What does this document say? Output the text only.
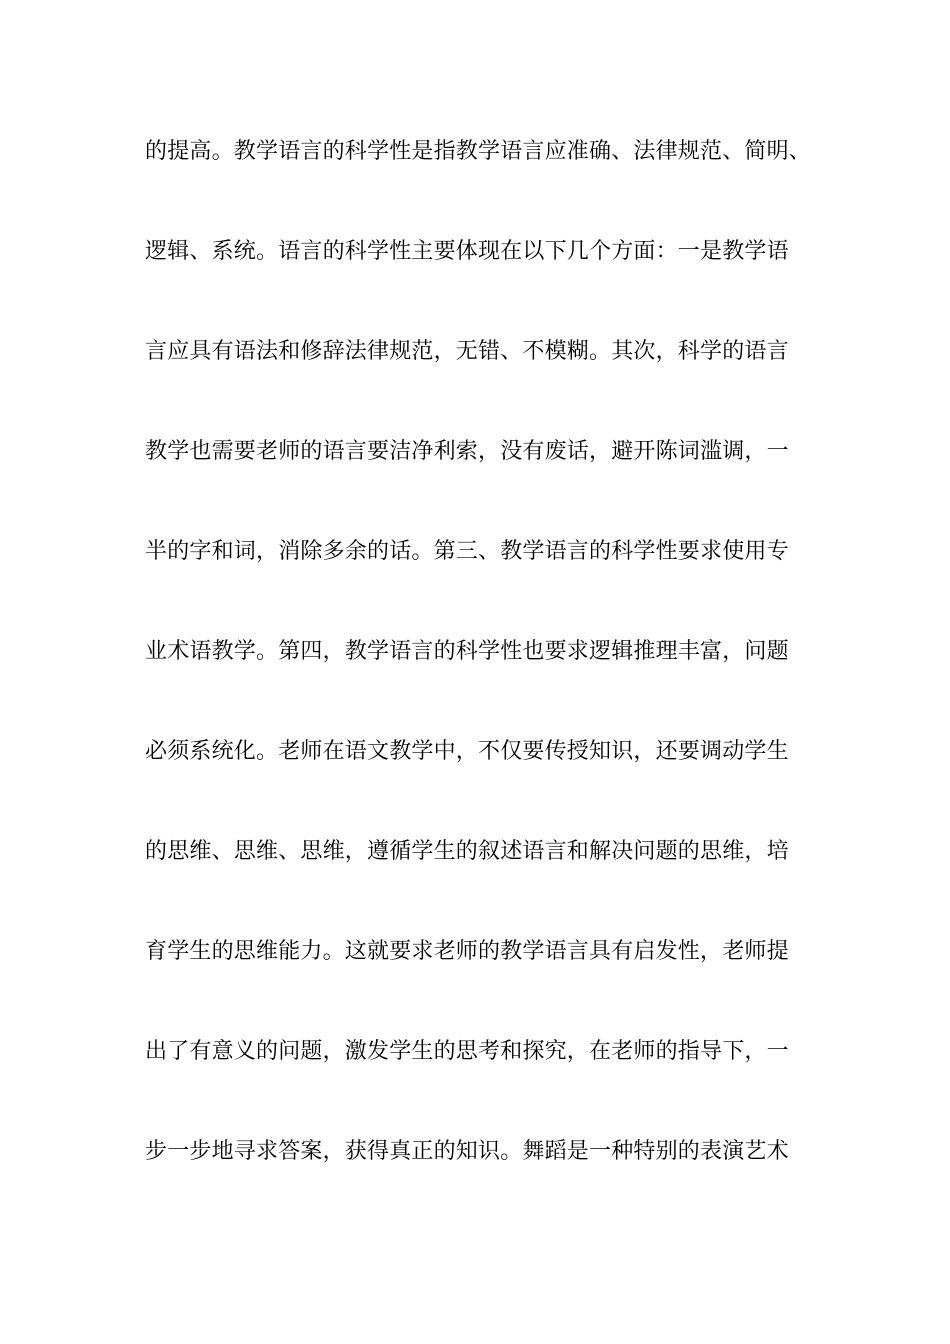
的提高。教学语言的科学性是指教学语言应准确、法律规范、简明、
逻辑、系统。语言的科学性主要体现在以下几个方面：一是教学语
言应具有语法和修辞法律规范，无错、不模糊。其次，科学的语言
教学也需要老师的语言要洁净利索，没有废话，避开陈词滥调，一
半的字和词，消除多余的话。第三、教学语言的科学性要求使用专
业术语教学。第四，教学语言的科学性也要求逻辑推理丰富，问题
必须系统化。老师在语文教学中，不仅要传授知识，还要调动学生
的思维、思维、思维，遵循学生的叙述语言和解决问题的思维，培
育学生的思维能力。这就要求老师的教学语言具有启发性，老师提
出了有意义的问题，激发学生的思考和探究，在老师的指导下，一
步一步地寻求答案，获得真正的知识。舞蹈是一种特别的表演艺术
